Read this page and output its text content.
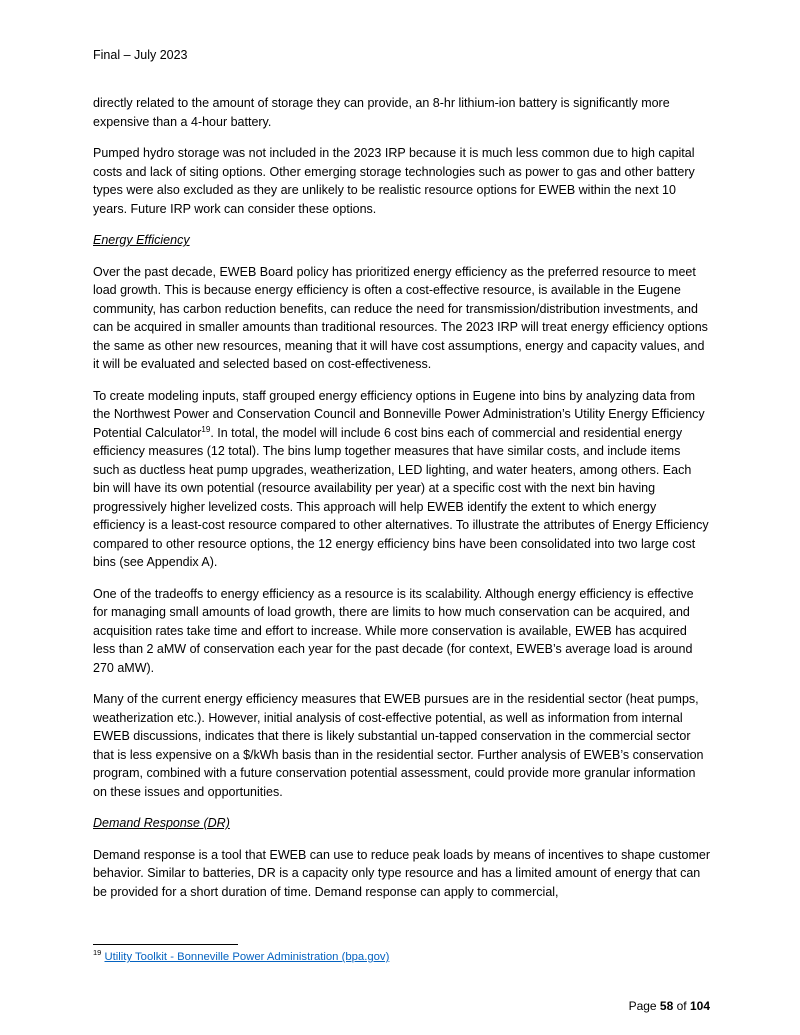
Final – July 2023

directly related to the amount of storage they can provide, an 8-hr lithium-ion battery is significantly more expensive than a 4-hour battery.

Pumped hydro storage was not included in the 2023 IRP because it is much less common due to high capital costs and lack of siting options. Other emerging storage technologies such as power to gas and other battery types were also excluded as they are unlikely to be realistic resource options for EWEB within the next 10 years. Future IRP work can consider these options.

Energy Efficiency

Over the past decade, EWEB Board policy has prioritized energy efficiency as the preferred resource to meet load growth. This is because energy efficiency is often a cost-effective resource, is available in the Eugene community, has carbon reduction benefits, can reduce the need for transmission/distribution investments, and can be acquired in smaller amounts than traditional resources. The 2023 IRP will treat energy efficiency options the same as other new resources, meaning that it will have cost assumptions, energy and capacity values, and it will be evaluated and selected based on cost-effectiveness.

To create modeling inputs, staff grouped energy efficiency options in Eugene into bins by analyzing data from the Northwest Power and Conservation Council and Bonneville Power Administration’s Utility Energy Efficiency Potential Calculator$^{19}$. In total, the model will include 6 cost bins each of commercial and residential energy efficiency measures (12 total). The bins lump together measures that have similar costs, and include items such as ductless heat pump upgrades, weatherization, LED lighting, and water heaters, among others. Each bin will have its own potential (resource availability per year) at a specific cost with the next bin having progressively higher levelized costs. This approach will help EWEB identify the extent to which energy efficiency is a least-cost resource compared to other alternatives. To illustrate the attributes of Energy Efficiency compared to other resource options, the 12 energy efficiency bins have been consolidated into two large cost bins (see Appendix A).

One of the tradeoffs to energy efficiency as a resource is its scalability. Although energy efficiency is effective for managing small amounts of load growth, there are limits to how much conservation can be acquired, and acquisition rates take time and effort to increase. While more conservation is available, EWEB has acquired less than 2 aMW of conservation each year for the past decade (for context, EWEB’s average load is around 270 aMW).

Many of the current energy efficiency measures that EWEB pursues are in the residential sector (heat pumps, weatherization etc.). However, initial analysis of cost-effective potential, as well as information from internal EWEB discussions, indicates that there is likely substantial un-tapped conservation in the commercial sector that is less expensive on a $/kWh basis than in the residential sector. Further analysis of EWEB’s conservation program, combined with a future conservation potential assessment, could provide more granular information on these issues and opportunities.

Demand Response (DR)

Demand response is a tool that EWEB can use to reduce peak loads by means of incentives to shape customer behavior. Similar to batteries, DR is a capacity only type resource and has a limited amount of energy that can be provided for a short duration of time. Demand response can apply to commercial,

$^{19}$ Utility Toolkit - Bonneville Power Administration (bpa.gov)
Page 58 of 104
